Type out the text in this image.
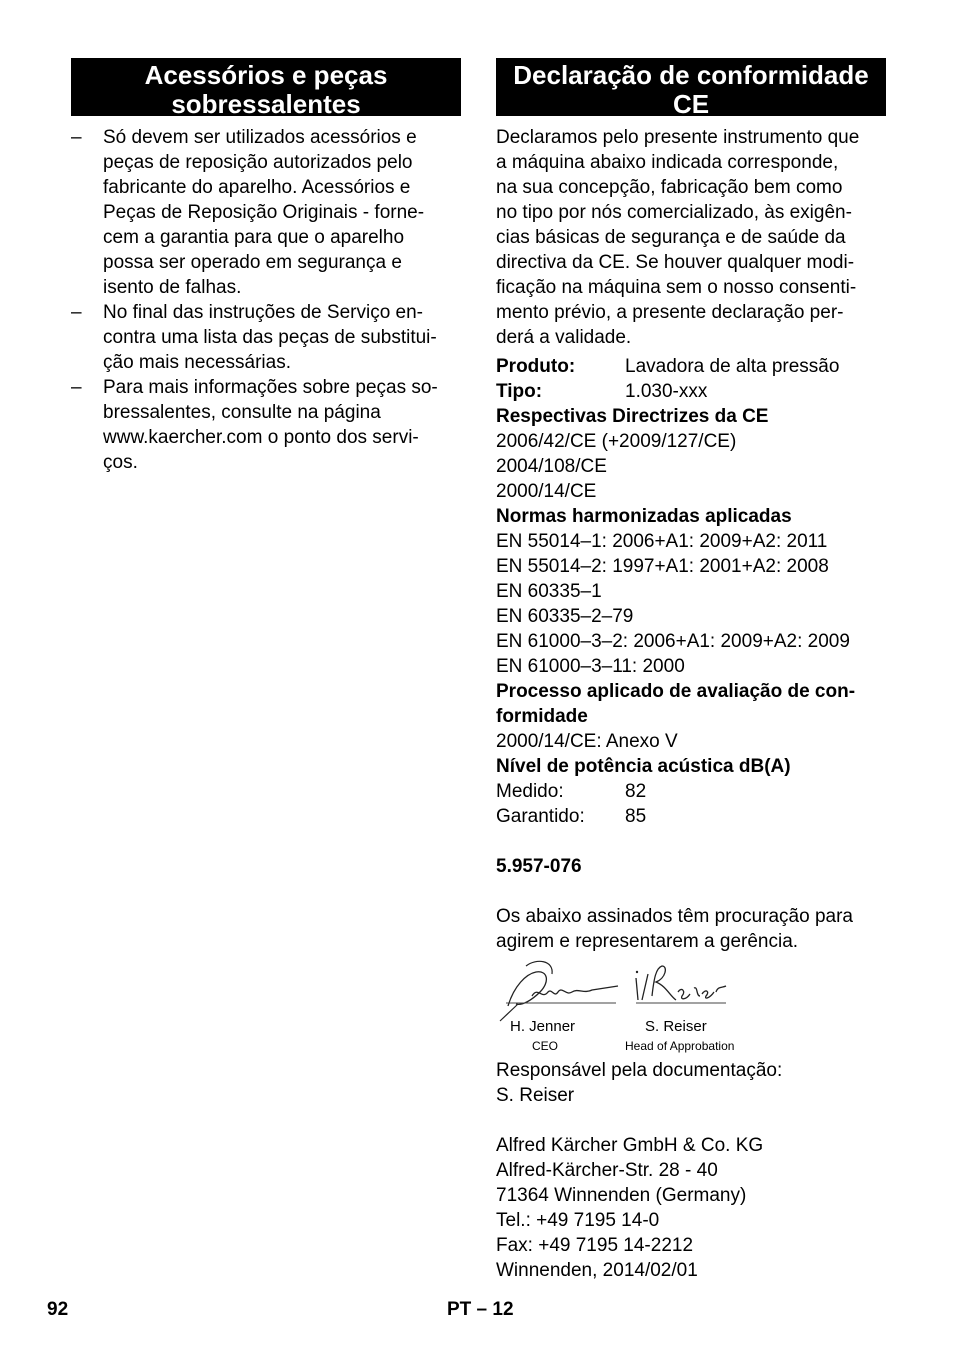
Acessórios e peças
sobressalentes
– Só devem ser utilizados acessórios e
peças de reposição autorizados pelo
fabricante do aparelho. Acessórios e
Peças de Reposição Originais - forne-
cem a garantia para que o aparelho
possa ser operado em segurança e
isento de falhas.
– No final das instruções de Serviço en-
contra uma lista das peças de substitui-
ção mais necessárias.
– Para mais informações sobre peças so-
bressalentes, consulte na página
www.kaercher.com o ponto dos servi-
ços.
Declaração de conformidade
CE
Declaramos pelo presente instrumento que
a máquina abaixo indicada corresponde,
na sua concepção, fabricação bem como
no tipo por nós comercializado, às exigên-
cias básicas de segurança e de saúde da
directiva da CE. Se houver qualquer modi-
ficação na máquina sem o nosso consenti-
mento prévio, a presente declaração per-
derá a validade.
Produto:	Lavadora de alta pressão
Tipo:	1.030-xxx
Respectivas Directrizes da CE
2006/42/CE (+2009/127/CE)
2004/108/CE
2000/14/CE
Normas harmonizadas aplicadas
EN 55014–1: 2006+A1: 2009+A2: 2011
EN 55014–2: 1997+A1: 2001+A2: 2008
EN 60335–1
EN 60335–2–79
EN 61000–3–2: 2006+A1: 2009+A2: 2009
EN 61000–3–11: 2000
Processo aplicado de avaliação de con-
formidade
2000/14/CE: Anexo V
Nível de potência acústica dB(A)
Medido:	82
Garantido:	85
5.957-076
Os abaixo assinados têm procuração para
agirem e representarem a gerência.
H. Jenner
CEO
S. Reiser
Head of Approbation
Responsável pela documentação:
S. Reiser
Alfred Kärcher GmbH & Co. KG
Alfred-Kärcher-Str. 28 - 40
71364 Winnenden (Germany)
Tel.: +49 7195 14-0
Fax: +49 7195 14-2212
Winnenden, 2014/02/01
92	PT – 12
